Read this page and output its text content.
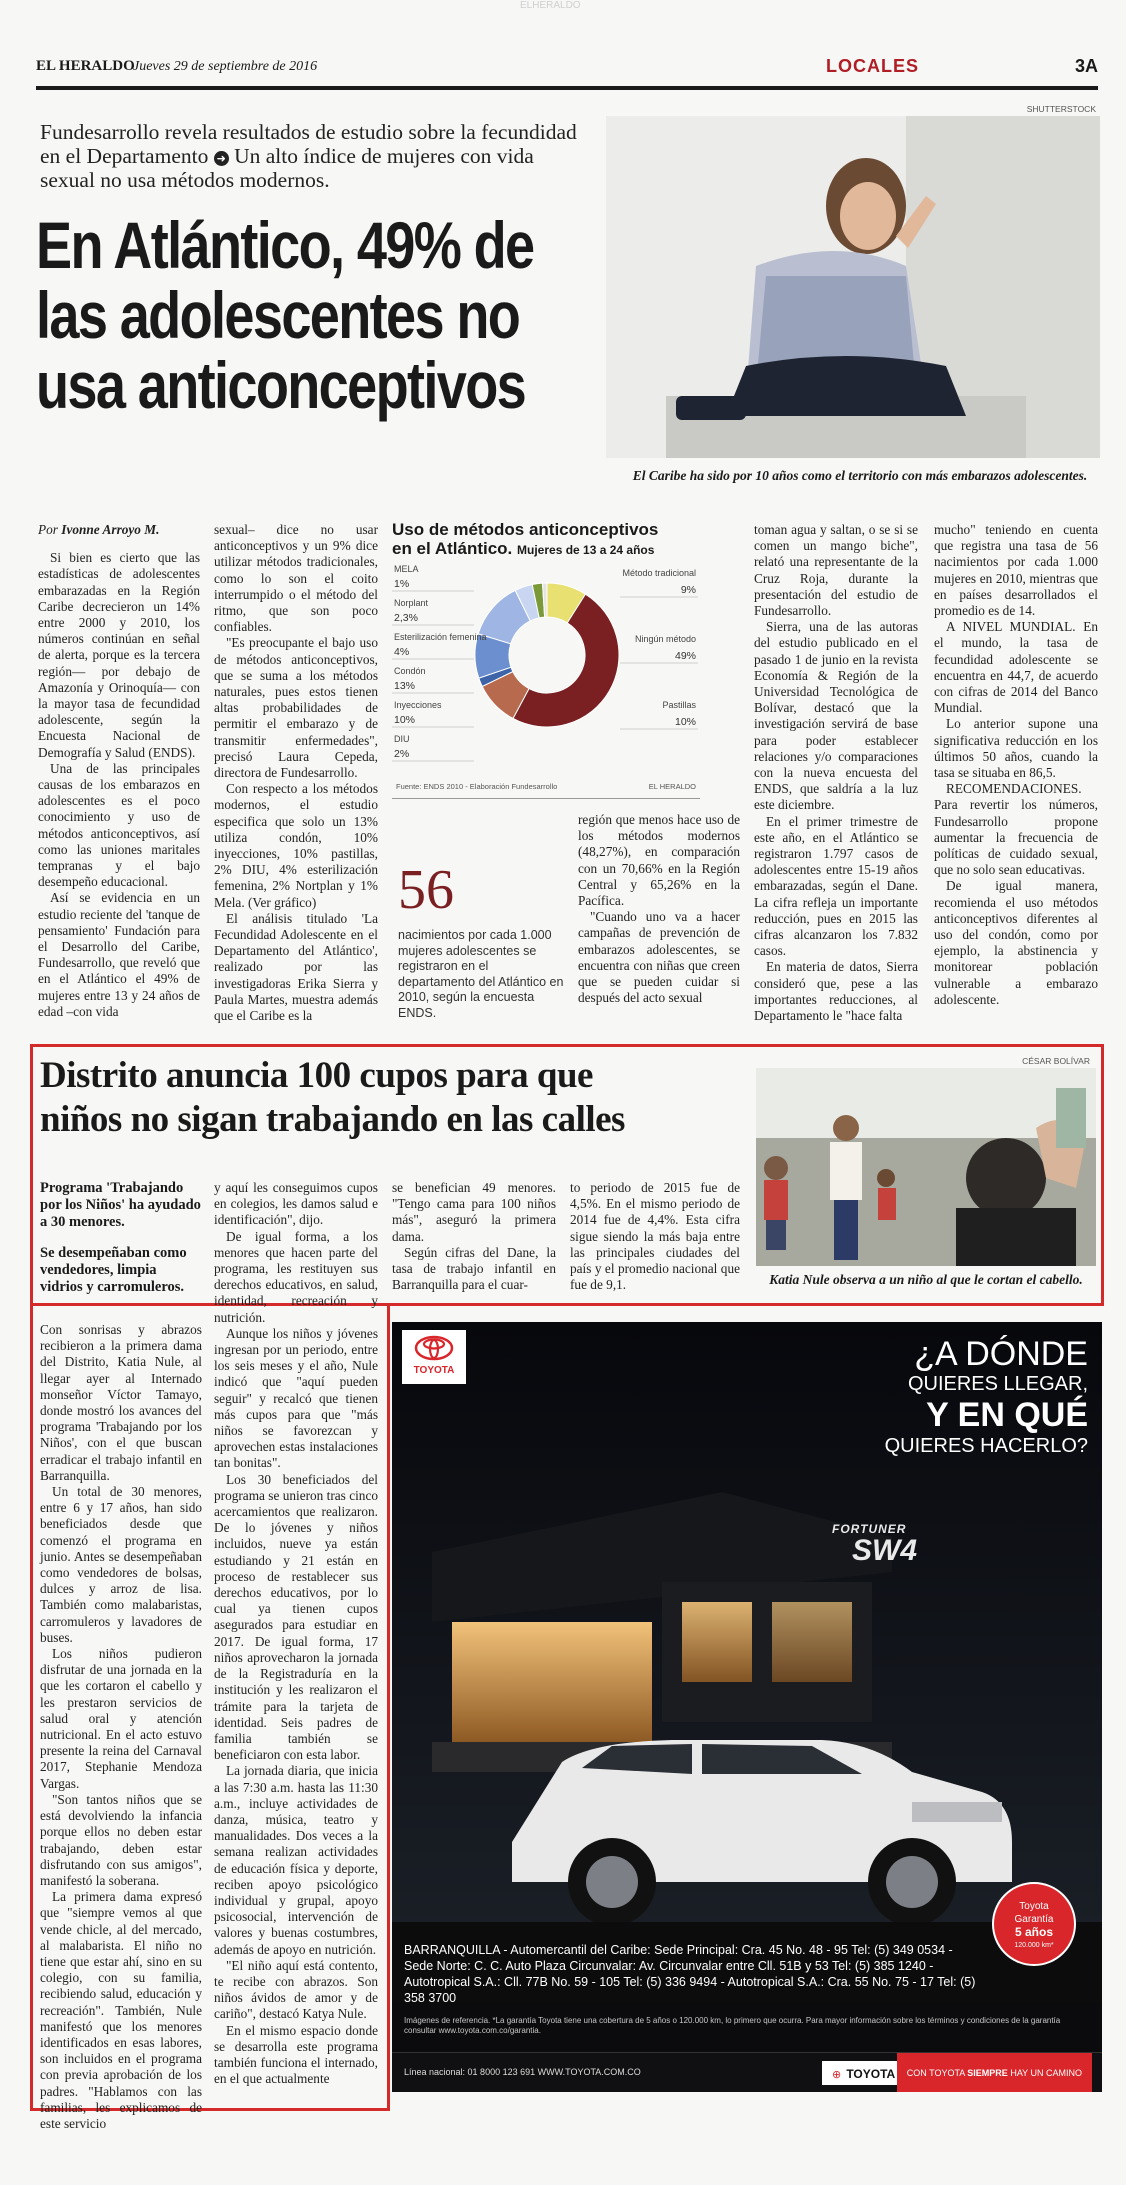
ELHERALDO
EL HERALDO
Jueves 29 de septiembre de 2016	LOCALES	3A
Fundesarrollo revela resultados de estudio sobre la fecundidad en el Departamento ➜ Un alto índice de mujeres con vida sexual no usa métodos modernos.
En Atlántico, 49% de
las adolescentes no
usa anticonceptivos
SHUTTERSTOCK
El Caribe ha sido por 10 años como el territorio con más embarazos adolescentes.

Por Ivonne Arroyo M.

Si bien es cierto que las estadísticas de adolescentes embarazadas en la Región Caribe decrecieron un 14% entre 2000 y 2010, los números continúan en señal de alerta, porque es la tercera región— por debajo de Amazonía y Orinoquía— con la mayor tasa de fecundidad adolescente, según la Encuesta Nacional de Demografía y Salud (ENDS).

Una de las principales causas de los embarazos en adolescentes es el poco conocimiento y uso de métodos anticonceptivos, así como las uniones maritales tempranas y el bajo desempeño educacional.

Así se evidencia en un estudio reciente del 'tanque de pensamiento' Fundación para el Desarrollo del Caribe, Fundesarrollo, que reveló que en el Atlántico el 49% de mujeres entre 13 y 24 años de edad –con vida

sexual– dice no usar anticonceptivos y un 9% dice utilizar métodos tradicionales, como lo son el coito interrumpido o el método del ritmo, que son poco confiables.

"Es preocupante el bajo uso de métodos anticonceptivos, que se suma a los métodos naturales, pues estos tienen altas probabilidades de permitir el embarazo y de transmitir enfermedades", precisó Laura Cepeda, directora de Fundesarrollo.

Con respecto a los métodos modernos, el estudio especifica que solo un 13% utiliza condón, 10% inyecciones, 10% pastillas, 2% DIU, 4% esterilización femenina, 2% Nortplan y 1% Mela. (Ver gráfico)

El análisis titulado 'La Fecundidad Adolescente en el Departamento del Atlántico', realizado por las investigadoras Erika Sierra y Paula Martes, muestra además que el Caribe es la

Uso de métodos anticonceptivos
en el Atlántico. Mujeres de 13 a 24 años
Método tradicional
9%
Ningún método
49%
Pastillas
10%
MELA
1%
Norplant
2,3%
Esterilización femenina
4%
Condón
13%
Inyecciones
10%
DIU
2%
Fuente: ENDS 2010 - Elaboración Fundesarrollo	EL HERALDO
56
nacimientos por cada 1.000 mujeres adolescentes se registraron en el departamento del Atlántico en 2010, según la encuesta ENDS.

región que menos hace uso de los métodos modernos (48,27%), en comparación con un 70,66% en la Región Central y 65,26% en la Pacífica.

"Cuando uno va a hacer campañas de prevención de embarazos adolescentes, se encuentra con niñas que creen que se pueden cuidar si después del acto sexual

toman agua y saltan, o se si se comen un mango biche", relató una representante de la Cruz Roja, durante la presentación del estudio de Fundesarrollo.

Sierra, una de las autoras del estudio publicado en el pasado 1 de junio en la revista Economía & Región de la Universidad Tecnológica de Bolívar, destacó que la investigación servirá de base para poder establecer relaciones y/o comparaciones con la nueva encuesta del ENDS, que saldría a la luz este diciembre.

En el primer trimestre de este año, en el Atlántico se registraron 1.797 casos de adolescentes entre 15-19 años embarazadas, según el Dane. La cifra refleja un importante reducción, pues en 2015 las cifras alcanzaron los 7.832 casos.

En materia de datos, Sierra consideró que, pese a las importantes reducciones, al Departamento le "hace falta

mucho" teniendo en cuenta que registra una tasa de 56 nacimientos por cada 1.000 mujeres en 2010, mientras que en países desarrollados el promedio es de 14.

A NIVEL MUNDIAL. En el mundo, la tasa de fecundidad adolescente se encuentra en 44,7, de acuerdo con cifras de 2014 del Banco Mundial.

Lo anterior supone una significativa reducción en los últimos 50 años, cuando la tasa se situaba en 86,5.

RECOMENDACIONES. Para revertir los números, Fundesarrollo propone aumentar la frecuencia de políticas de cuidado sexual, que no solo sean educativas.

De igual manera, recomienda el uso métodos anticonceptivos diferentes al uso del condón, como por ejemplo, la abstinencia y monitorear población vulnerable a embarazo adolescente.

Distrito anuncia 100 cupos para que
niños no sigan trabajando en las calles
CÉSAR BOLÍVAR
Katia Nule observa a un niño al que le cortan el cabello.
Programa 'Trabajando por los Niños' ha ayudado a 30 menores.
Se desempeñaban como vendedores, limpia vidrios y carromuleros.

Con sonrisas y abrazos recibieron a la primera dama del Distrito, Katia Nule, al llegar ayer al Internado monseñor Víctor Tamayo, donde mostró los avances del programa 'Trabajando por los Niños', con el que buscan erradicar el trabajo infantil en Barranquilla.

Un total de 30 menores, entre 6 y 17 años, han sido beneficiados desde que comenzó el programa en junio. Antes se desempeñaban como vendedores de bolsas, dulces y arroz de lisa. También como malabaristas, carromuleros y lavadores de buses.

Los niños pudieron disfrutar de una jornada en la que les cortaron el cabello y les prestaron servicios de salud oral y atención nutricional. En el acto estuvo presente la reina del Carnaval 2017, Stephanie Mendoza Vargas.

"Son tantos niños que se está devolviendo la infancia porque ellos no deben estar trabajando, deben estar disfrutando con sus amigos", manifestó la soberana.

La primera dama expresó que "siempre vemos al que vende chicle, al del mercado, al malabarista. El niño no tiene que estar ahí, sino en su colegio, con su familia, recibiendo salud, educación y recreación". También, Nule manifestó que los menores identificados en esas labores, son incluidos en el programa con previa aprobación de los padres. "Hablamos con las familias, les explicamos de este servicio

y aquí les conseguimos cupos en colegios, les damos salud e identificación", dijo.

De igual forma, a los menores que hacen parte del programa, les restituyen sus derechos educativos, en salud, identidad, recreación y nutrición.

Aunque los niños y jóvenes ingresan por un periodo, entre los seis meses y el año, Nule indicó que "aquí pueden seguir" y recalcó que tienen más cupos para que "más niños se favorezcan y aprovechen estas instalaciones tan bonitas".

Los 30 beneficiados del programa se unieron tras cinco acercamientos que realizaron. De lo jóvenes y niños incluidos, nueve ya están estudiando y 21 están en proceso de restablecer sus derechos educativos, por lo cual ya tienen cupos asegurados para estudiar en 2017. De igual forma, 17 niños aprovecharon la jornada de la Registraduría en la institución y les realizaron el trámite para la tarjeta de identidad. Seis padres de familia también se beneficiaron con esta labor.

La jornada diaria, que inicia a las 7:30 a.m. hasta las 11:30 a.m., incluye actividades de danza, música, teatro y manualidades. Dos veces a la semana realizan actividades de educación física y deporte, reciben apoyo psicológico individual y grupal, apoyo psicosocial, intervención de valores y buenas costumbres, además de apoyo en nutrición.

"El niño aquí está contento, te recibe con abrazos. Son niños ávidos de amor y de cariño", destacó Katya Nule.

En el mismo espacio donde se desarrolla este programa también funciona el internado, en el que actualmente

se benefician 49 menores. "Tengo cama para 100 niños más", aseguró la primera dama.

Según cifras del Dane, la tasa de trabajo infantil en Barranquilla para el cuar-

to periodo de 2015 fue de 4,5%. En el mismo periodo de 2014 fue de 4,4%. Esta cifra sigue siendo la más baja entre las principales ciudades del país y el promedio nacional que fue de 9,1.

TOYOTA	¿A DÓNDE
QUIERES LLEGAR,
Y EN QUÉ
QUIERES HACERLO?
FORTUNER
SW4
Toyota
Garantía
5 años
120.000 km*
BARRANQUILLA - Automercantil del Caribe: Sede Principal: Cra. 45 No. 48 - 95 Tel: (5) 349 0534 - Sede Norte: C. C. Auto Plaza Circunvalar: Av. Circunvalar entre Cll. 51B y 53 Tel: (5) 385 1240 - Autotropical S.A.: Cll. 77B No. 59 - 105 Tel: (5) 336 9494 - Autotropical S.A.: Cra. 55 No. 75 - 17 Tel: (5) 358 3700
Imágenes de referencia. *La garantía Toyota tiene una cobertura de 5 años o 120.000 km, lo primero que ocurra. Para mayor información sobre los términos y condiciones de la garantía consultar www.toyota.com.co/garantia.
Línea nacional: 01 8000 123 691 WWW.TOYOTA.COM.CO	⊕ TOYOTA	CON TOYOTA SIEMPRE HAY UN CAMINO
